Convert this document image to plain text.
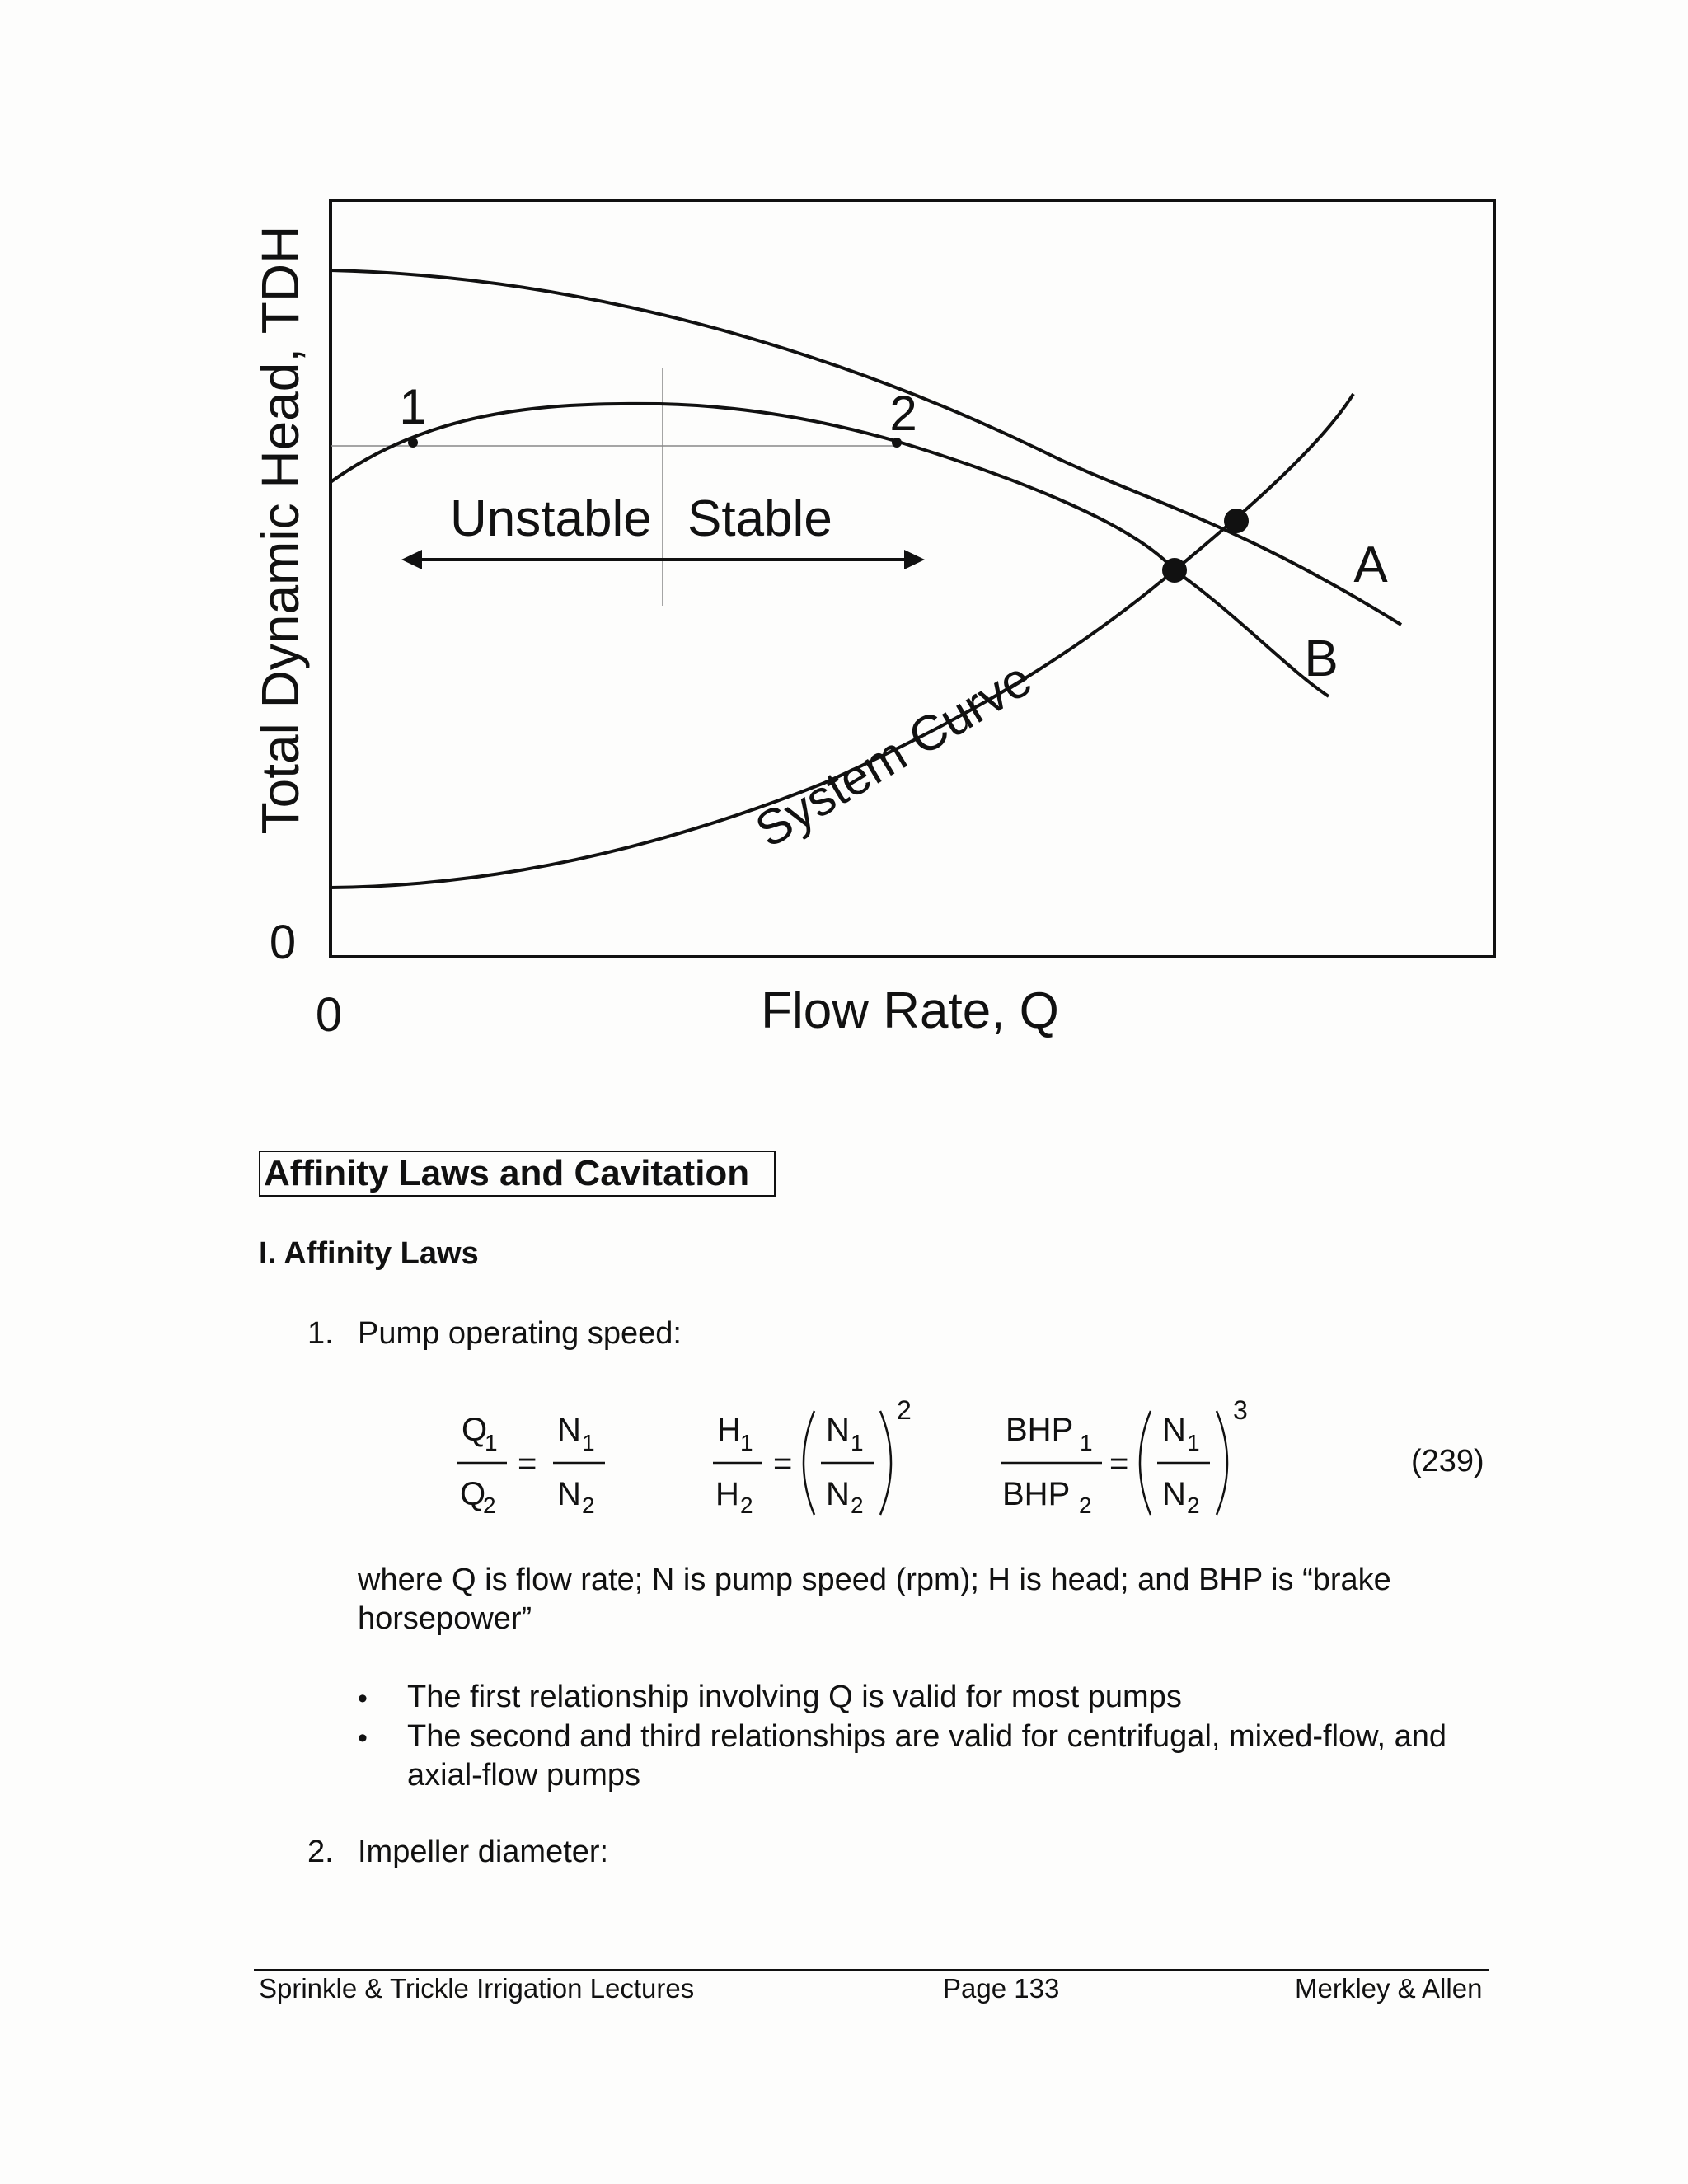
Total Dynamic Head, TDH
Flow Rate, Q
0
0
1	2
Unstable Stable
A
B
System Curve
Affinity Laws and Cavitation
I. Affinity Laws
1. Pump operating speed:
Q
1
Q
2
=
N 1
N 2
H 1
H 2
=
N 1
N 2
2
BHP 1
BHP 2
=
N 1
N 2
3
(239)
where Q is flow rate; N is pump speed (rpm); H is head; and BHP is “brake horsepower”
• The first relationship involving Q is valid for most pumps
• The second and third relationships are valid for centrifugal, mixed-flow, and axial-flow pumps
2. Impeller diameter:
Sprinkle & Trickle Irrigation Lectures	Page 133	Merkley & Allen
